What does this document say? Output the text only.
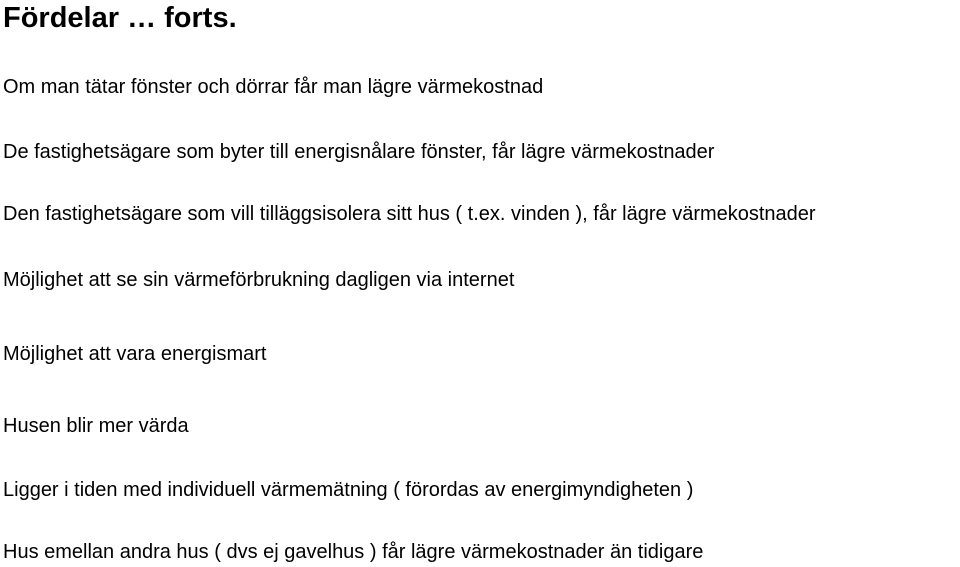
Fördelar … forts.
Om man tätar fönster och dörrar får man lägre värmekostnad
De fastighetsägare som byter till energisnålare fönster, får lägre värmekostnader
Den fastighetsägare som vill tilläggsisolera sitt hus ( t.ex. vinden ), får lägre värmekostnader
Möjlighet att se sin värmeförbrukning dagligen via internet
Möjlighet att vara energismart
Husen blir mer värda
Ligger i tiden med individuell värmemätning ( förordas av energimyndigheten )
Hus emellan andra hus ( dvs ej gavelhus ) får lägre värmekostnader än tidigare
